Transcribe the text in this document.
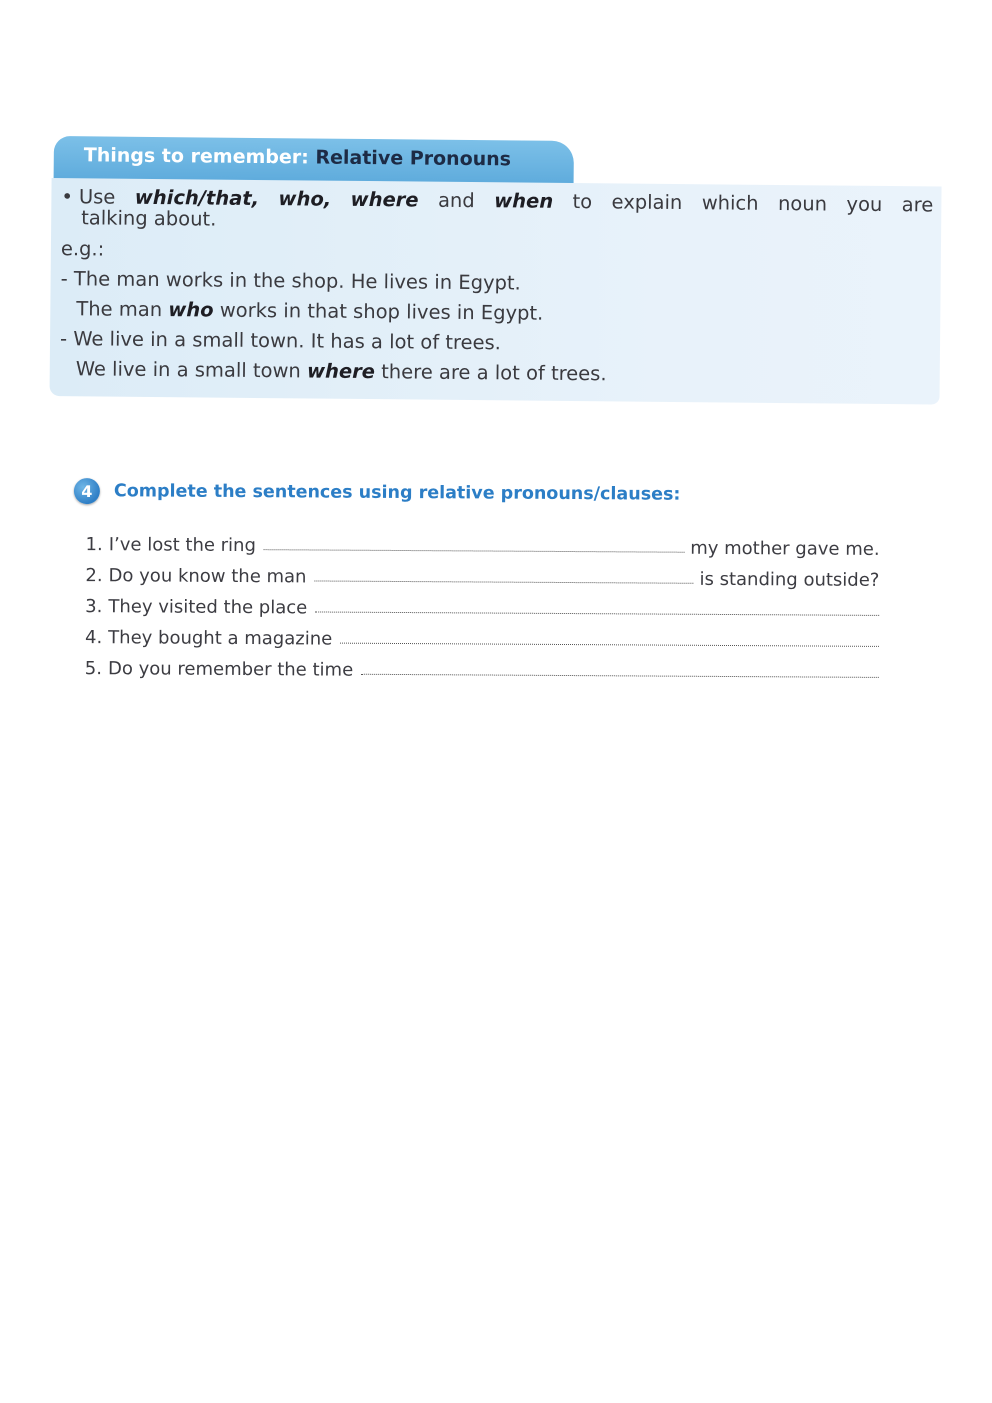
Things to remember: Relative Pronouns
• Use which/that, who, where and when to explain which noun you are
talking about.
e.g.:
- The man works in the shop. He lives in Egypt.
The man who works in that shop lives in Egypt.
- We live in a small town. It has a lot of trees.
We live in a small town where there are a lot of trees.
4	Complete the sentences using relative pronouns/clauses:
1. I’ve lost the ring	my mother gave me.
2. Do you know the man	is standing outside?
3. They visited the place
4. They bought a magazine
5. Do you remember the time
